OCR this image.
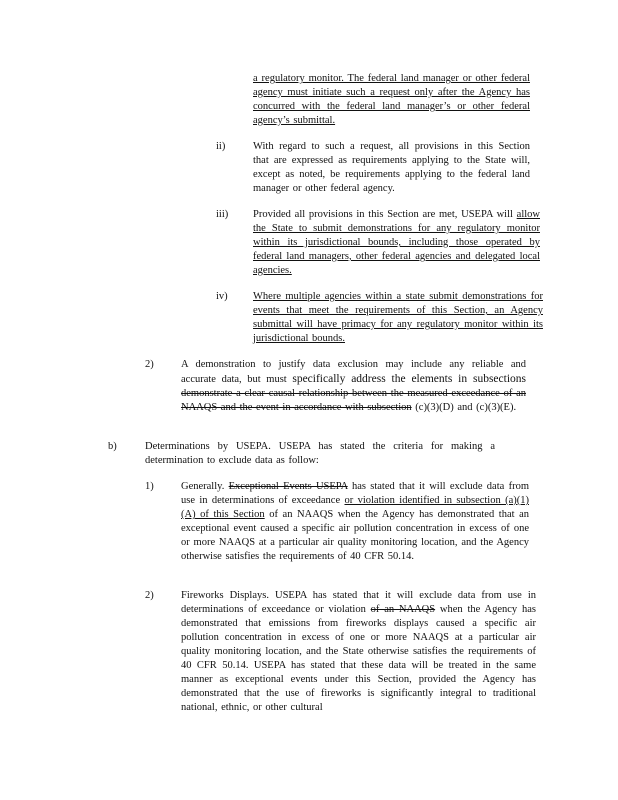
a regulatory monitor. The federal land manager or other federal agency must initiate such a request only after the Agency has concurred with the federal land manager’s or other federal agency’s submittal.
ii)	With regard to such a request, all provisions in this Section that are expressed as requirements applying to the State will, except as noted, be requirements applying to the federal land manager or other federal agency.
iii) Provided all provisions in this Section are met, USEPA will allow the State to submit demonstrations for any regulatory monitor within its jurisdictional bounds, including those operated by federal land managers, other federal agencies and delegated local agencies.
iv) Where multiple agencies within a state submit demonstrations for events that meet the requirements of this Section, an Agency submittal will have primacy for any regulatory monitor within its jurisdictional bounds.
2)	A demonstration to justify data exclusion may include any reliable and accurate data, but must specifically address the elements in subsections demonstrate a clear causal relationship between the measured exceedance of an NAAQS and the event in accordance with subsection (c)(3)(D) and (c)(3)(E).
b)	Determinations by USEPA. USEPA has stated the criteria for making a determination to exclude data as follow:
1)	Generally. Exceptional Events USEPA has stated that it will exclude data from use in determinations of exceedance or violation identified in subsection (a)(1)(A) of this Section of an NAAQS when the Agency has demonstrated that an exceptional event caused a specific air pollution concentration in excess of one or more NAAQS at a particular air quality monitoring location, and the Agency otherwise satisfies the requirements of 40 CFR 50.14.
2)	Fireworks Displays. USEPA has stated that it will exclude data from use in determinations of exceedance or violation of an NAAQS when the Agency has demonstrated that emissions from fireworks displays caused a specific air pollution concentration in excess of one or more NAAQS at a particular air quality monitoring location, and the State otherwise satisfies the requirements of 40 CFR 50.14. USEPA has stated that these data will be treated in the same manner as exceptional events under this Section, provided the Agency has demonstrated that the use of fireworks is significantly integral to traditional national, ethnic, or other cultural
